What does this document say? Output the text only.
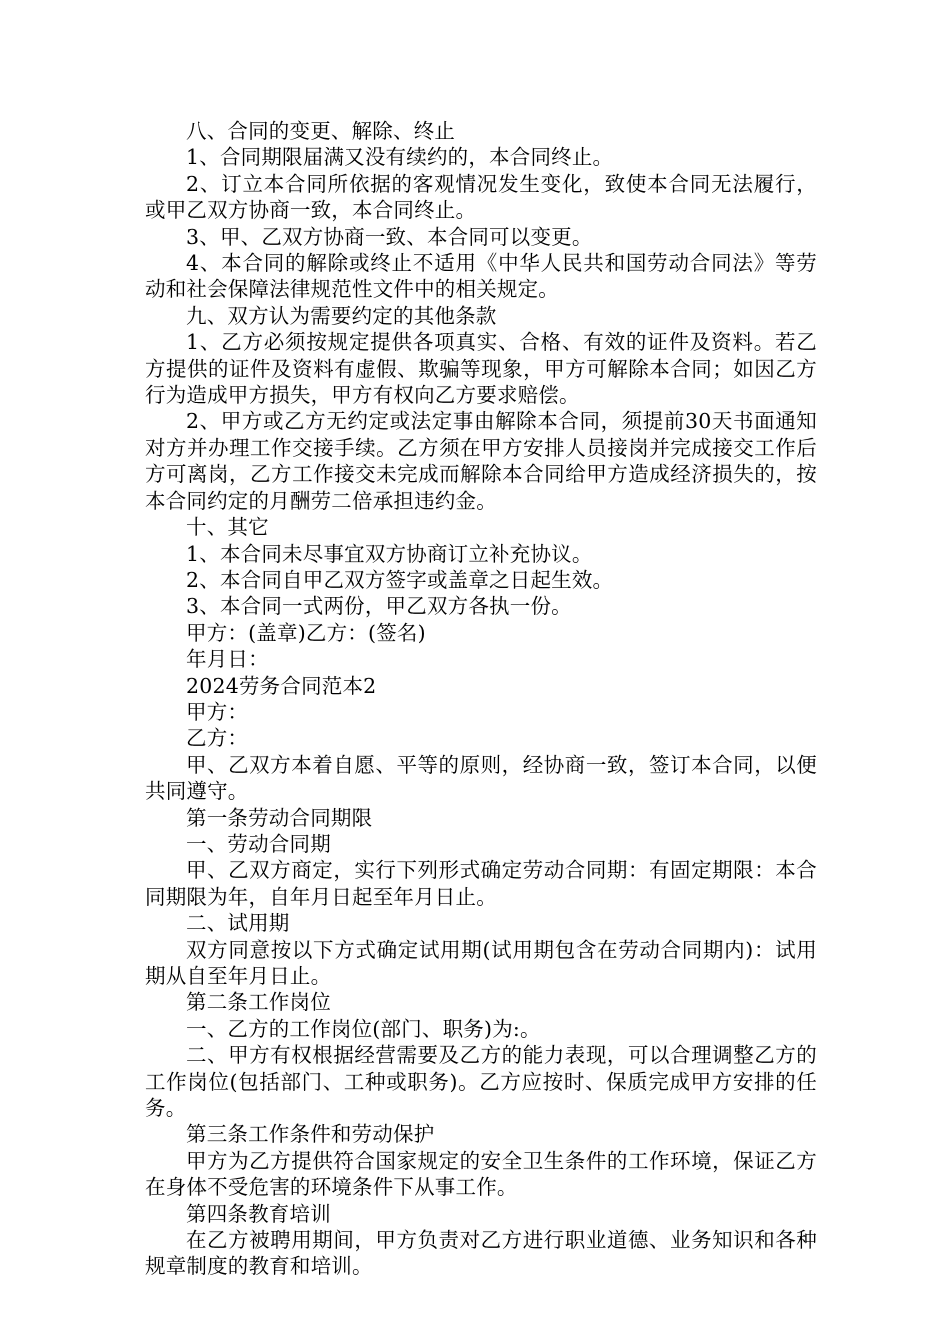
八、合同的变更、解除、终止

1、合同期限届满又没有续约的，本合同终止。

2、订立本合同所依据的客观情况发生变化，致使本合同无法履行，或甲乙双方协商一致，本合同终止。

3、甲、乙双方协商一致、本合同可以变更。

4、本合同的解除或终止不适用《中华人民共和国劳动合同法》等劳动和社会保障法律规范性文件中的相关规定。

九、双方认为需要约定的其他条款

1、乙方必须按规定提供各项真实、合格、有效的证件及资料。若乙方提供的证件及资料有虚假、欺骗等现象，甲方可解除本合同；如因乙方行为造成甲方损失，甲方有权向乙方要求赔偿。

2、甲方或乙方无约定或法定事由解除本合同，须提前30天书面通知对方并办理工作交接手续。乙方须在甲方安排人员接岗并完成接交工作后方可离岗，乙方工作接交未完成而解除本合同给甲方造成经济损失的，按本合同约定的月酬劳二倍承担违约金。

十、其它

1、本合同未尽事宜双方协商订立补充协议。

2、本合同自甲乙双方签字或盖章之日起生效。

3、本合同一式两份，甲乙双方各执一份。

甲方：(盖章)乙方：(签名)

年月日：

2024劳务合同范本2

甲方：

乙方：

甲、乙双方本着自愿、平等的原则，经协商一致，签订本合同，以便共同遵守。

第一条劳动合同期限

一、劳动合同期

甲、乙双方商定，实行下列形式确定劳动合同期：有固定期限：本合同期限为年，自年月日起至年月日止。

二、试用期

双方同意按以下方式确定试用期(试用期包含在劳动合同期内)：试用期从自至年月日止。

第二条工作岗位

一、乙方的工作岗位(部门、职务)为:。

二、甲方有权根据经营需要及乙方的能力表现，可以合理调整乙方的工作岗位(包括部门、工种或职务)。乙方应按时、保质完成甲方安排的任务。

第三条工作条件和劳动保护

甲方为乙方提供符合国家规定的安全卫生条件的工作环境，保证乙方在身体不受危害的环境条件下从事工作。

第四条教育培训

在乙方被聘用期间，甲方负责对乙方进行职业道德、业务知识和各种规章制度的教育和培训。
